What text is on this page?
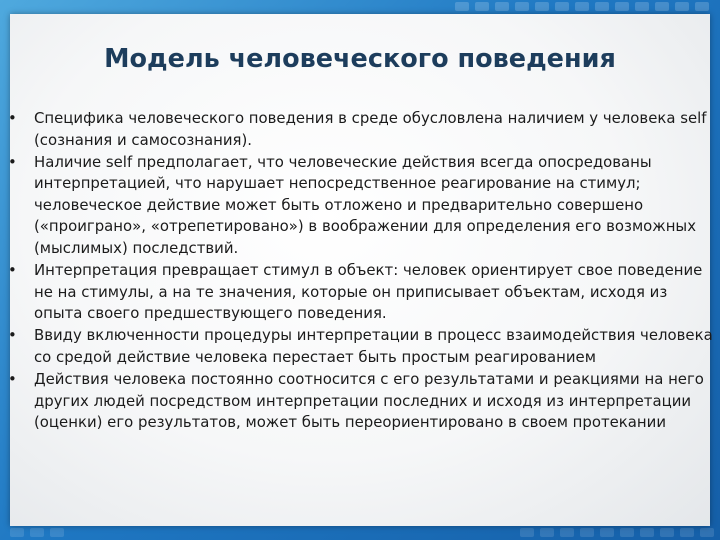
Модель человеческого поведения
•	Специфика человеческого поведения в среде обусловлена наличием у человека self (сознания и самосознания).
•	Наличие self предполагает, что человеческие действия всегда опосредованы интерпретацией, что нарушает непосредственное реагирование на стимул; человеческое действие может быть отложено и предварительно совершено («проиграно», «отрепетировано») в воображении для определения его возможных (мыслимых) последствий.
•	Интерпретация превращает стимул в объект: человек ориентирует свое поведение не на стимулы, а на те значения, которые он приписывает объектам, исходя из опыта своего предшествующего поведения.
•	Ввиду включенности процедуры интерпретации в процесс взаимодействия человека со средой действие человека перестает быть простым реагированием
•	Действия человека постоянно соотносится с его результатами и реакциями на него других людей посредством интерпретации последних и исходя из интерпретации (оценки) его результатов, может быть переориентировано в своем протекании
